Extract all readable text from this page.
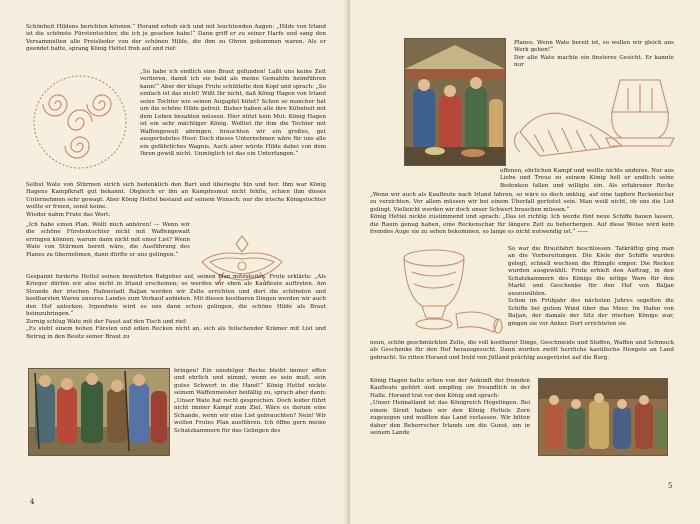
Schönheit Hildens berichten können.“ Horand erhob sich und mit leuchtenden Augen: „Hilde von Irland ist die schönste Fürstentochter, die ich je gesehen habe!“ Dann griff er zu seiner Harfe und sang den Versammelten alle Preislieder von der schönen Hilde, die ihm zu Ohren gekommen waren. Als er geendet hatte, sprang König Hettel froh auf und rief:

„So habe ich endlich eine Braut gefunden! Laßt uns keine Zeit verlieren, damit ich sie bald als meine Gemahlin heimführen kann!“ Aber der kluge Frute schüttelte den Kopf und sprach: „So einfach ist das nicht! Wißt Ihr nicht, daß König Hagen von Irland seine Tochter wie seinen Augapfel hütet? Schon so mancher hat um die schöne Hilde gefreit. Bisher haben alle ihre Kühnheit mit dem Leben bezahlen müssen. Hier nützt kein Mut. König Hagen ist ein sehr mächtiger König. Wolltet ihr ihm die Tochter mit Waffengewalt abringen, brauchten wir ein großes, gut ausgerüstetes Heer. Doch dieses Unternehmen wäre für uns alle ein gefährliches Wagnis. Auch aber würde Hilde dabei von dem Ihren gewiß nicht. Unmöglich ist das ein Unterfangen.“

Selbst Wate von Stürmen strich sich bedenklich den Bart und überlegte hin und her. Ihm war König Hagens Kampfkraft gut bekannt. Obgleich er ihn an Kampfesmut nicht fehlte, schien ihm dieses Unternehmen sehr gewagt. Aber König Hettel bestand auf seinem Wunsch: nur die irische Königstochter wollte er freien, sonst keine.

Wieder nahm Frute das Wort:

„Ich habe einen Plan. Wollt mich anhören! — Wenn wir die schöne Fürstentochter nicht mit Waffengewalt erringen können, warum dann nicht mit einer List? Wenn Wate von Stürmen bereit wäre, die Ausführung des Planes zu übernehmen, dann dürfte er uns gelingen.“

Gespannt forderte Hettel seinen bewährten Ratgeber auf, seinen Plan mitzuteilen. Frute erklärte: „Als Krieger dürfen wir also nicht in Irland erscheinen; so werden wir eben als Kaufleute auftreten. Am Strande der irischen Hafenstadt Baljan werden wir Zelte errichten und dort die schönsten und kostbarsten Waren unseres Landes zum Verkauf anbieten. Mit diesen kostbaren Dingen werden wir auch den Hof anlocken. Irgendwie wird es uns dann schon gelingen, die schöne Hilde als Braut heimzubringen.“

Zornig schlug Wate mit der Faust auf den Tisch und rief:

„Es steht einem hohen Fürsten und edlen Recken nicht an, sich als feilschender Krämer mit List und Betrug in den Besitz seiner Braut zu

bringen! Ein unedelger Recke bleibt immer offen und ehrlich und nimmt, wenn es sein muß, sein gutes Schwert in die Hand!“ König Hettel nickte seinem Waffenmeister beifällig zu, sprach aber dann: „Unser Wate hat recht gesprochen. Doch leider führt nicht immer Kampf zum Ziel. Wäre es darum eine Schande, wenn wir eine List gebrauchten? Nein! Wir wollen Frutes Plan ausführen. Ich öffne gern meine Schatzkammern für das Gelingen des

4

Planes. Wenn Wate bereit ist, so wollen wir gleich ans Werk gehen!“

Der alte Wate machte ein finsteres Gesicht. Er kannte nur

offenen, ehrlichen Kampf und wollte nichts anderes. Nur aus Liebe und Treue zu seinem König hell er endlich seine Bedenken fallen und willigte ein. Als erfahrener Recke

„Wenn wir auch als Kaufleute nach Irland fahren, so wäre es doch unklug, auf eine tapfere Reckenschar zu verzichten. Vor allem müssen wir bei einem Überfall gerüstet sein. Man weiß nicht, ob uns die List gelingt. Vielleicht werden wir doch unser Schwert brauchen müssen.“

König Hettel nickte zustimmend und sprach: „Das ist richtig. Ich werde fünf neue Schiffe bauen lassen, die Raum genug haben, eine Reckenschar für längere Zeit zu beherbergen. Auf diese Weise wird kein fremdes Auge sie zu sehen bekommen, so lange es nicht notwendig ist.“ ——

So war die Brautfahrt beschlossen. Tatkräftig ging man an die Vorbereitungen. Die Kiele der Schiffe wurden gelegt, schnell wuchsen die Rümpfe empor. Die Recken wurden ausgewählt. Frute erhielt den Auftrag, in den Schatzkammern des Königs die nötige Ware für den Markt und Geschenke für den Hof von Baljan auszuwählen.

Schon im Frühjahr des nächsten Jahres segelten die Schiffe bei gutem Wind über das Meer. Im Hafen von Baljan, der damals der Sitz der irischen Könige war, gingen sie vor Anker. Dort errichteten sie

neun, schön geschmückten Zelte, die voll kostbarer Dinge, Geschmeide und Stoffen, Waffen und Schmuck als Geschenke für den Hof herausgesucht. Dann wurden zwölf herrliche kastilische Hengste an Land gebracht. So ritten Horand und Irold von Jütland prächtig ausgerüstet auf die Burg.

König Hagen hatte schon von der Ankunft der fremden Kaufleute gehört und empfing sie freundlich in der Halle. Horand trat vor den König und sprach:

„Unser Heimatland ist das Königreich Hegelingen. Bei einem Streit haben wir den König Hettels Zorn zugezogen und mußten das Land verlassen. Wir bitten daher den Beherrscher Irlands um die Gunst, um in seinem Lande

5
